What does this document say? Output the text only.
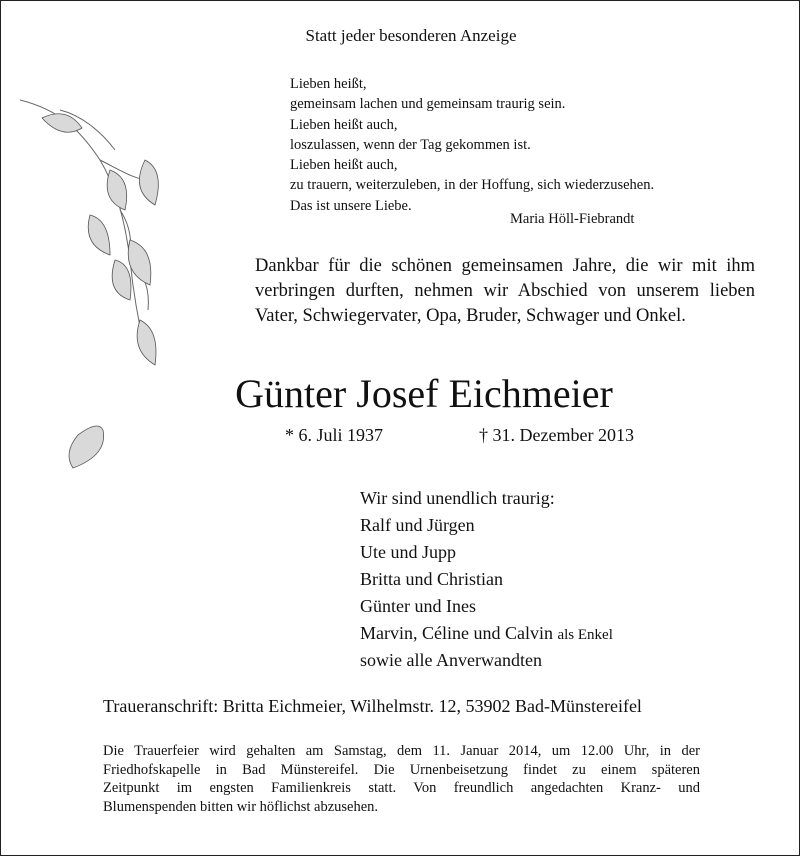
Statt jeder besonderen Anzeige
Lieben heißt,
gemeinsam lachen und gemeinsam traurig sein.
Lieben heißt auch,
loszulassen, wenn der Tag gekommen ist.
Lieben heißt auch,
zu trauern, weiterzuleben, in der Hoffung, sich wiederzusehen.
Das ist unsere Liebe.
Maria Höll-Fiebrandt
Dankbar für die schönen gemeinsamen Jahre, die wir mit ihm
verbringen durften, nehmen wir Abschied von unserem lieben
Vater, Schwiegervater, Opa, Bruder, Schwager und Onkel.
Günter Josef Eichmeier
* 6. Juli 1937	† 31. Dezember 2013
Wir sind unendlich traurig:
Ralf und Jürgen
Ute und Jupp
Britta und Christian
Günter und Ines
Marvin, Céline und Calvin als Enkel
sowie alle Anverwandten
Traueranschrift: Britta Eichmeier, Wilhelmstr. 12, 53902 Bad-Münstereifel
Die Trauerfeier wird gehalten am Samstag, dem 11. Januar 2014, um 12.00 Uhr, in der
Friedhofskapelle in Bad Münstereifel. Die Urnenbeisetzung findet zu einem späteren
Zeitpunkt im engsten Familienkreis statt. Von freundlich angedachten Kranz- und
Blumenspenden bitten wir höflichst abzusehen.
